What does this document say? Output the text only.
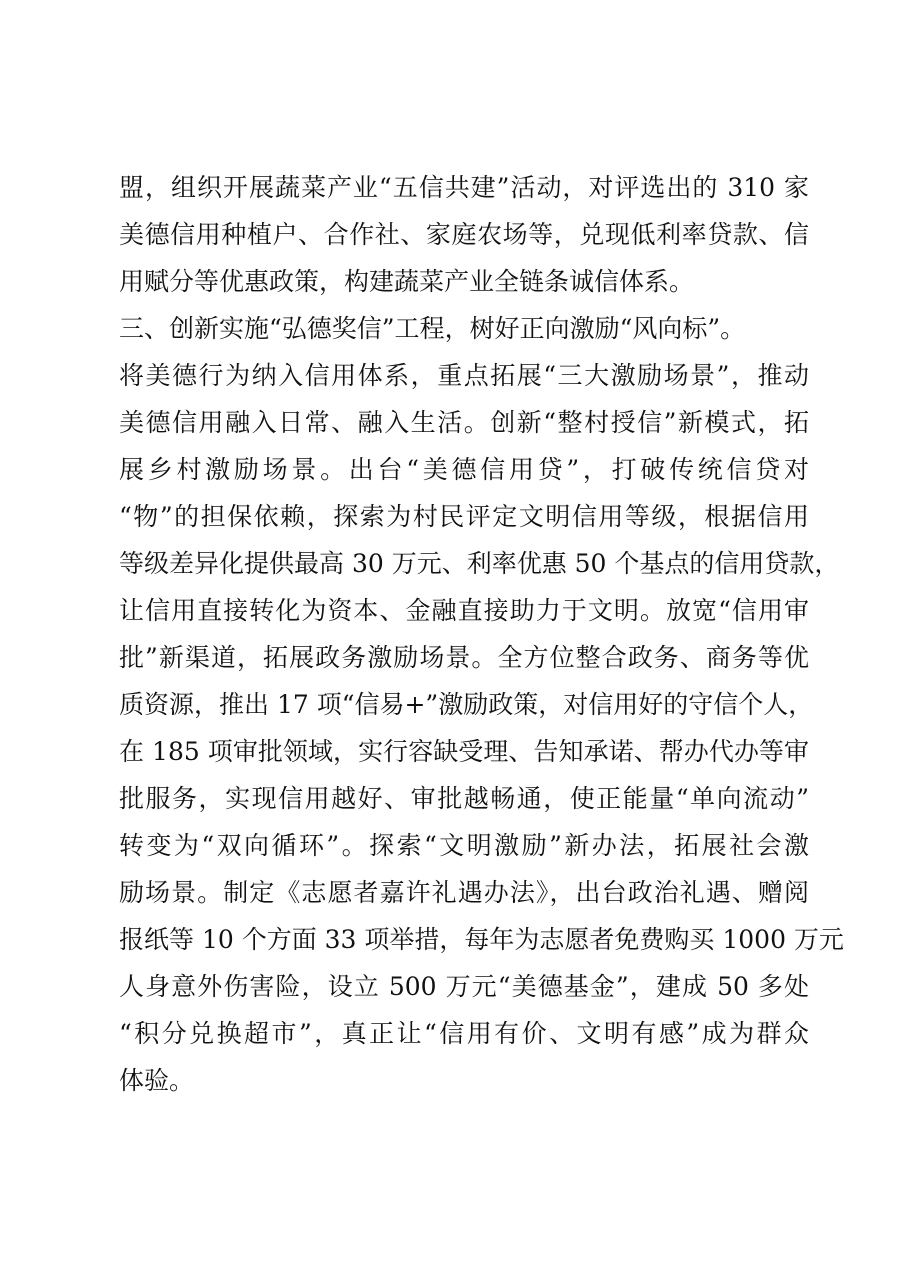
盟，组织开展蔬菜产业“五信共建”活动，对评选出的 310 家
美德信用种植户、合作社、家庭农场等，兑现低利率贷款、信
用赋分等优惠政策，构建蔬菜产业全链条诚信体系。
三、创新实施“弘德奖信”工程，树好正向激励“风向标”。
将美德行为纳入信用体系，重点拓展“三大激励场景”，推动
美德信用融入日常、融入生活。创新“整村授信”新模式，拓
展乡村激励场景。出台“美德信用贷”，打破传统信贷对
“物”的担保依赖，探索为村民评定文明信用等级，根据信用
等级差异化提供最高 30 万元、利率优惠 50 个基点的信用贷款，
让信用直接转化为资本、金融直接助力于文明。放宽“信用审
批”新渠道，拓展政务激励场景。全方位整合政务、商务等优
质资源，推出 17 项“信易+”激励政策，对信用好的守信个人，
在 185 项审批领域，实行容缺受理、告知承诺、帮办代办等审
批服务，实现信用越好、审批越畅通，使正能量“单向流动”
转变为“双向循环”。探索“文明激励”新办法，拓展社会激
励场景。制定《志愿者嘉许礼遇办法》，出台政治礼遇、赠阅
报纸等 10 个方面 33 项举措，每年为志愿者免费购买 1000 万元
人身意外伤害险，设立 500 万元“美德基金”，建成 50 多处
“积分兑换超市”，真正让“信用有价、文明有感”成为群众
体验。
